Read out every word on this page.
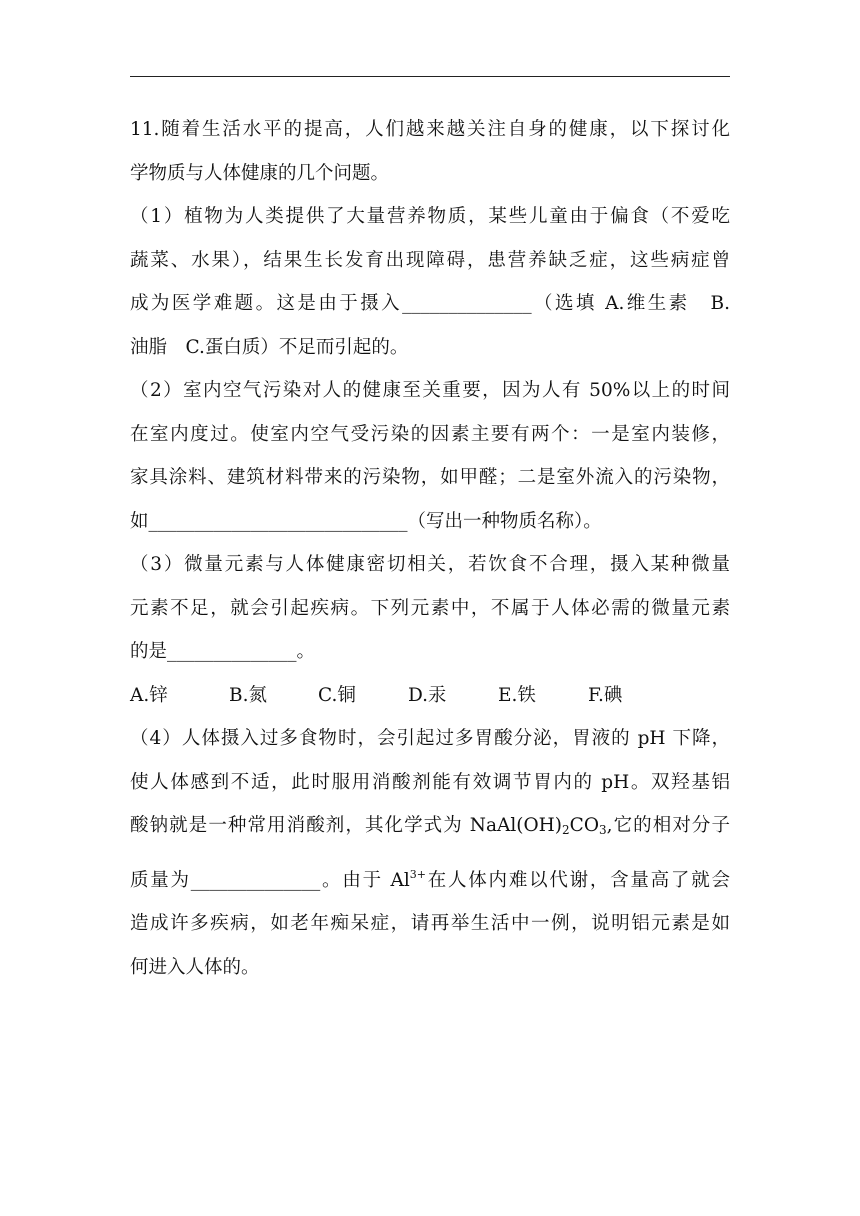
11.随着生活水平的提高，人们越来越关注自身的健康，以下探讨化
学物质与人体健康的几个问题。
（1）植物为人类提供了大量营养物质，某些儿童由于偏食（不爱吃
蔬菜、水果），结果生长发育出现障碍，患营养缺乏症，这些病症曾
成为医学难题。这是由于摄入______________（选填 A.维生素　B.
油脂　C.蛋白质）不足而引起的。
（2）室内空气污染对人的健康至关重要，因为人有 50%以上的时间
在室内度过。使室内空气受污染的因素主要有两个：一是室内装修，
家具涂料、建筑材料带来的污染物，如甲醛；二是室外流入的污染物，
如____________________________（写出一种物质名称）。
（3）微量元素与人体健康密切相关，若饮食不合理，摄入某种微量
元素不足，就会引起疾病。下列元素中，不属于人体必需的微量元素
的是______________。
A.锌	B.氮	C.铜	D.汞	E.铁	F.碘
（4）人体摄入过多食物时，会引起过多胃酸分泌，胃液的 pH 下降，
使人体感到不适，此时服用消酸剂能有效调节胃内的 pH。双羟基铝
酸钠就是一种常用消酸剂，其化学式为 $NaAl(OH)_2CO_3$,它的相对分子
质量为______________。由于 $Al^{3+}$在人体内难以代谢，含量高了就会
造成许多疾病，如老年痴呆症，请再举生活中一例，说明铝元素是如
何进入人体的。
